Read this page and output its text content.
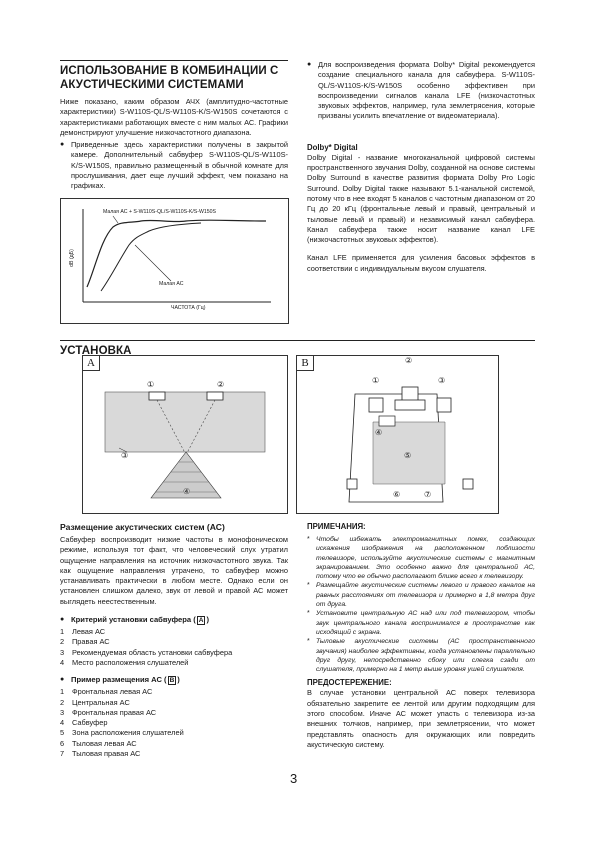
ИСПОЛЬЗОВАНИЕ В КОМБИНАЦИИ С
АКУСТИЧЕСКИМИ СИСТЕМАМИ
Ниже показано, каким образом АЧХ (амплитудно-частотные характеристики) S-W110S-QL/S-W110S-K/S-W150S сочетаются с характеристиками работающих вместе с ним малых АС. Графики демонстрируют улучшение низкочастотного диапазона.
● Приведенные здесь характеристики получены в закрытой камере. Дополнительный сабвуфер S-W110S-QL/S-W110S-K/S-W150S, правильно размещенный в обычной комнате для прослушивания, дает еще лучший эффект, чем показано на графиках.
Малая АС + S-W110S-QL/S-W110S-K/S-W150S
Малая АС
dB (дБ)
ЧАСТОТА (Гц)
● Для воспроизведения формата Dolby* Digital рекомендуется создание специального канала для сабвуфера. S-W110S-QL/S-W110S-K/S-W150S особенно эффективен при воспроизведении сигналов канала LFE (низкочастотных звуковых эффектов, например, гула землетрясения, которые призваны усилить впечатление от видеоматериала).
Dolby* Digital
Dolby Digital - название многоканальной цифровой системы пространственного звучания Dolby, созданной на основе системы Dolby Surround в качестве развития формата Dolby Pro Logic Surround. Dolby Digital также называют 5.1-канальной системой, потому что в нее входят 5 каналов с частотным диапазоном от 20 Гц до 20 кГц (фронтальные левый и правый, центральный и тыловые левый и правый) и независимый канал сабвуфера. Канал сабвуфера также носит название канал LFE (низкочастотных звуковых эффектов).
Канал LFE применяется для усиления басовых эффектов в соответствии с индивидуальным вкусом слушателя.
УСТАНОВКА
A
①	②
③
④
B	②
①	③
④
⑤
⑥	⑦
Размещение акустических систем (АС)
Сабвуфер воспроизводит низкие частоты в монофоническом режиме, используя тот факт, что человеческий слух утратил ощущение направления на источник низкочастотного звука. Так как ощущение направления утрачено, то сабвуфер можно устанавливать практически в любом месте. Однако если он установлен слишком далеко, звук от левой и правой АС может выглядеть неестественным.
● Критерий установки сабвуфера ( A )
1	Левая АС
2	Правая АС
3	Рекомендуемая область установки сабвуфера
4	Место расположения слушателей
● Пример размещения АС ( B )
1	Фронтальная левая АС
2	Центральная АС
3	Фронтальная правая АС
4	Сабвуфер
5	Зона расположения слушателей
6	Тыловая левая АС
7	Тыловая правая АС
ПРИМЕЧАНИЯ:
* Чтобы избежать электромагнитных помех, создающих искажения изображения на расположенном поблизости телевизоре, используйте акустические системы с магнитным экранированием. Это особенно важно для центральной АС, потому что ее обычно располагают ближе всего к телевизору.
* Размещайте акустические системы левого и правого каналов на равных расстояниях от телевизора и примерно в 1,8 метра друг от друга.
* Установите центральную АС над или под телевизором, чтобы звук центрального канала воспринимался в пространстве как исходящий с экрана.
* Тыловые акустические системы (АС пространственного звучания) наиболее эффективны, когда установлены параллельно друг другу, непосредственно сбоку или слегка сзади от слушателя, примерно на 1 метр выше уровня ушей слушателя.
ПРЕДОСТЕРЕЖЕНИЕ:
В случае установки центральной АС поверх телевизора обязательно закрепите ее лентой или другим подходящим для этого способом. Иначе АС может упасть с телевизора из-за внешних толчков, например, при землетрясении, что может представлять опасность для окружающих или повредить акустическую систему.
3
